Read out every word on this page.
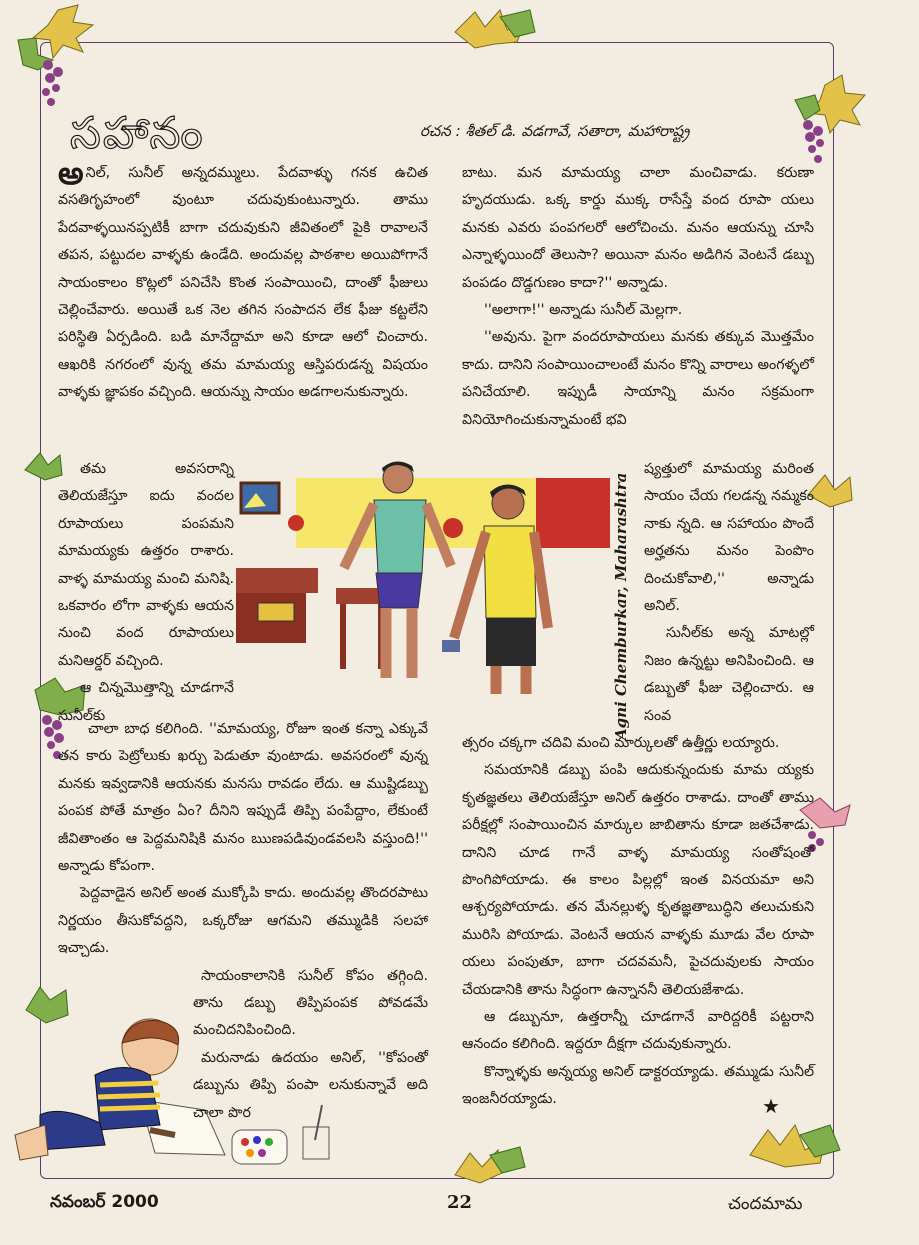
సహానం	రచన : శీతల్ డి. వడగావే, సతారా, మహారాష్ట్ర

అనిల్, సునీల్ అన్నదమ్ములు. పేదవాళ్ళు గనక ఉచిత వసతిగృహంలో వుంటూ చదువుకుంటున్నారు. తాము పేదవాళ్ళయినప్పటికీ బాగా చదువుకుని జీవితంలో పైకి రావాలనే తపన, పట్టుదల వాళ్ళకు ఉండేది. అందువల్ల పాఠశాల అయిపోగానే సాయంకాలం కొట్లలో పనిచేసి కొంత సంపాయించి, దాంతో ఫీజులు చెల్లించేవారు. అయితే ఒక నెల తగిన సంపాదన లేక ఫీజు కట్టలేని పరిస్థితి ఏర్పడింది. బడి మానేద్దామా అని కూడా ఆలో చించారు. ఆఖరికి నగరంలో వున్న తమ మామయ్య ఆస్తిపరుడన్న విషయం వాళ్ళకు జ్ఞాపకం వచ్చింది. ఆయన్ను సాయం అడగాలనుకున్నారు.

తమ అవసరాన్ని తెలియజేస్తూ ఐదు వందల రూపాయలు పంపమని మామయ్యకు ఉత్తరం రాశారు. వాళ్ళ మామయ్య మంచి మనిషి. ఒకవారం లోగా వాళ్ళకు ఆయన నుంచి వంద రూపాయలు మనిఆర్డర్ వచ్చింది.

ఆ చిన్నమొత్తాన్ని చూడగానే సునీల్‌కు	Agni Chemburkar, Maharashtra

చాలా బాధ కలిగింది. ''మామయ్య, రోజూ ఇంత కన్నా ఎక్కువే తన కారు పెట్రోలుకు ఖర్చు పెడుతూ వుంటాడు. అవసరంలో వున్న మనకు ఇవ్వడానికి ఆయనకు మనసు రావడం లేదు. ఆ ముష్టిడబ్బు పంపక పోతే మాత్రం ఏం? దీనిని ఇప్పుడే తిప్పి పంపేద్దాం, లేకుంటే జీవితాంతం ఆ పెద్దమనిషికి మనం ఋణపడివుండవలసి వస్తుంది!'' అన్నాడు కోపంగా.

పెద్దవాడైన అనిల్ అంత ముక్కోపి కాదు. అందువల్ల తొందరపాటు నిర్ణయం తీసుకోవద్దని, ఒక్కరోజు ఆగమని తమ్ముడికి సలహా ఇచ్చాడు.

సాయంకాలానికి సునీల్ కోపం తగ్గింది. తాను డబ్బు తిప్పిపంపక పోవడమే మంచిదనిపించింది.

మరునాడు ఉదయం అనిల్, ''కోపంతో డబ్బును తిప్పి పంపా లనుకున్నావే అది చాలా పొర

బాటు. మన మామయ్య చాలా మంచివాడు. కరుణా హృదయుడు. ఒక్క కార్డు ముక్క రాసేస్తే వంద రూపా యలు మనకు ఎవరు పంపగలరో ఆలోచించు. మనం ఆయన్ను చూసి ఎన్నాళ్ళయిందో తెలుసా? అయినా మనం అడిగిన వెంటనే డబ్బు పంపడం దొడ్డగుణం కాదా?'' అన్నాడు.

''అలాగా!'' అన్నాడు సునీల్ మెల్లగా.

''అవును. పైగా వందరూపాయలు మనకు తక్కువ మొత్తమేం కాదు. దానిని సంపాయించాలంటే మనం కొన్ని వారాలు అంగళ్ళలో పనిచేయాలి. ఇప్పుడీ సాయాన్ని మనం సక్రమంగా వినియోగించుకున్నామంటే భవి

ష్యత్తులో మామయ్య మరింత సాయం చేయ గలడన్న నమ్మకం నాకు న్నది. ఆ సహాయం పొందే అర్హతను మనం పెంపొం దించుకోవాలి,'' అన్నాడు అనిల్.

సునీల్‌కు అన్న మాటల్లో నిజం ఉన్నట్టు అనిపించింది. ఆ డబ్బుతో ఫీజు చెల్లించారు. ఆ సంవ

త్సరం చక్కగా చదివి మంచి మార్కులతో ఉత్తీర్ణు లయ్యారు.

సమయానికి డబ్బు పంపి ఆదుకున్నందుకు మామ య్యకు కృతజ్ఞతలు తెలియజేస్తూ అనిల్ ఉత్తరం రాశాడు. దాంతో తాము పరీక్షల్లో సంపాయించిన మార్కుల జాబితాను కూడా జతచేశాడు. దానిని చూడ గానే వాళ్ళ మామయ్య సంతోషంతో పొంగిపోయాడు. ఈ కాలం పిల్లల్లో ఇంత వినయమా అని ఆశ్చర్యపోయాడు. తన మేనల్లుళ్ళ కృతజ్ఞతాబుద్ధిని తలుచుకుని మురిసి పోయాడు. వెంటనే ఆయన వాళ్ళకు మూడు వేల రూపా యలు పంపుతూ, బాగా చదవమనీ, పైచదువులకు సాయం చేయడానికి తాను సిద్ధంగా ఉన్నాననీ తెలియజేశాడు.

ఆ డబ్బునూ, ఉత్తరాన్నీ చూడగానే వారిద్దరికీ పట్టరాని ఆనందం కలిగింది. ఇద్దరూ దీక్షగా చదువుకున్నారు.

కొన్నాళ్ళకు అన్నయ్య అనిల్ డాక్టరయ్యాడు. తమ్ముడు సునీల్ ఇంజనీరయ్యాడు.	★
నవంబర్ 2000	22	చందమామ
